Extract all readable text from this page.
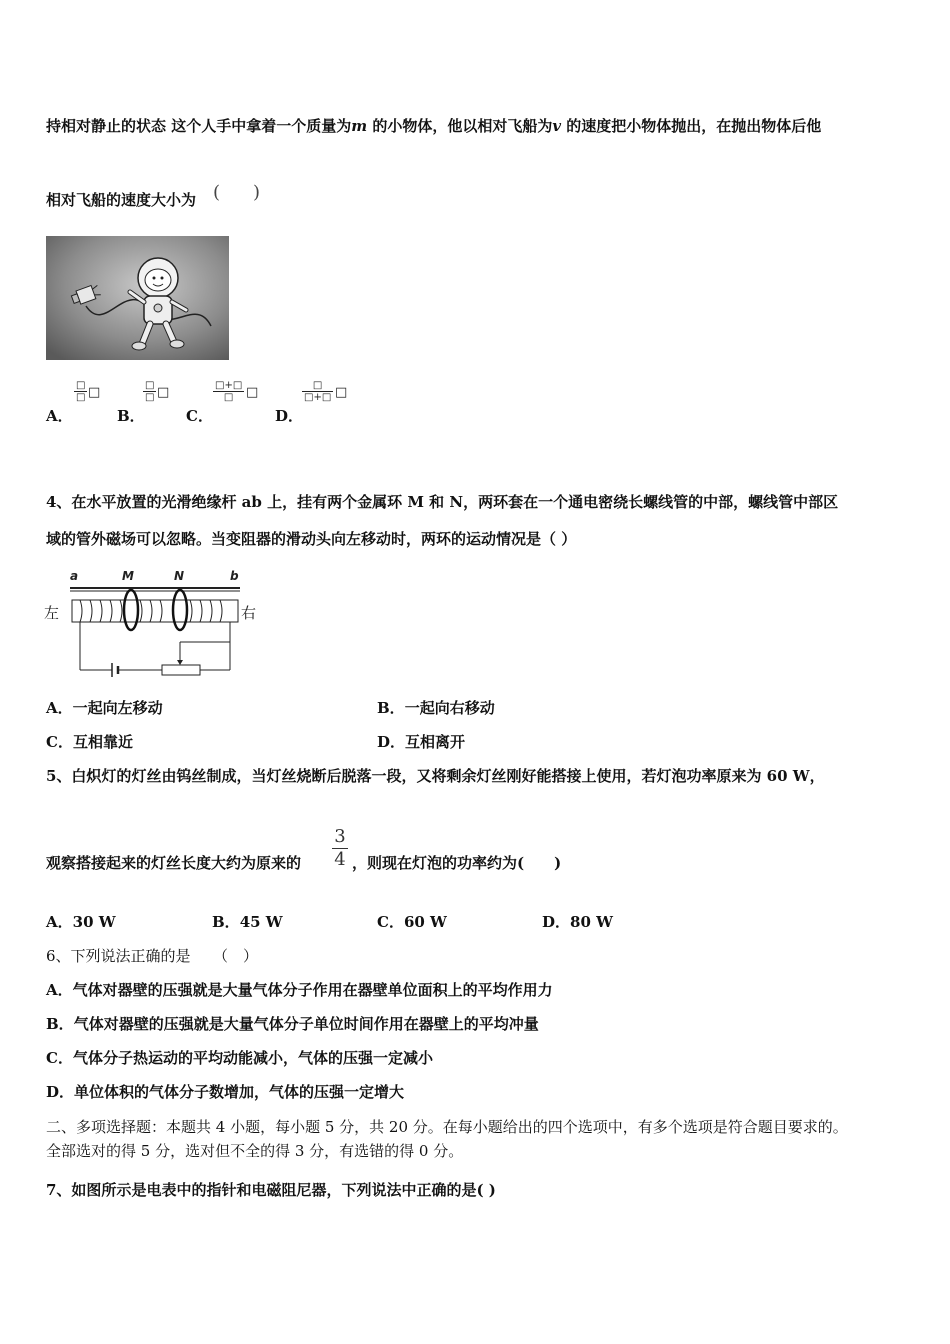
持相对静止的状态 这个人手中拿着一个质量为m 的小物体，他以相对飞船为v 的速度把小物体抛出，在抛出物体后他
相对飞船的速度大小为 ( )
A．
□
□ □
B．
□
□ □
C．
□+□
□ □
D．
□
□+□ □
4、在水平放置的光滑绝缘杆 ab 上，挂有两个金属环 M 和 N，两环套在一个通电密绕长螺线管的中部，螺线管中部区
域的管外磁场可以忽略。当变阻器的滑动头向左移动时，两环的运动情况是（ ）
a	M	N	b
左	右
A．一起向左移动	B．一起向右移动
C．互相靠近	D．互相离开
5、白炽灯的灯丝由钨丝制成，当灯丝烧断后脱落一段，又将剩余灯丝刚好能搭接上使用，若灯泡功率原来为 60 W，
观察搭接起来的灯丝长度大约为原来的 $\frac{3}{4}$ ，则现在灯泡的功率约为(　　)
A．30 W	B．45 W	C．60 W	D．80 W
6、下列说法正确的是　　（　）
A．气体对器壁的压强就是大量气体分子作用在器壁单位面积上的平均作用力
B．气体对器壁的压强就是大量气体分子单位时间作用在器壁上的平均冲量
C．气体分子热运动的平均动能减小，气体的压强一定减小
D．单位体积的气体分子数增加，气体的压强一定增大
二、多项选择题：本题共 4 小题，每小题 5 分，共 20 分。在每小题给出的四个选项中，有多个选项是符合题目要求的。
全部选对的得 5 分，选对但不全的得 3 分，有选错的得 0 分。
7、如图所示是电表中的指针和电磁阻尼器，下列说法中正确的是( )
